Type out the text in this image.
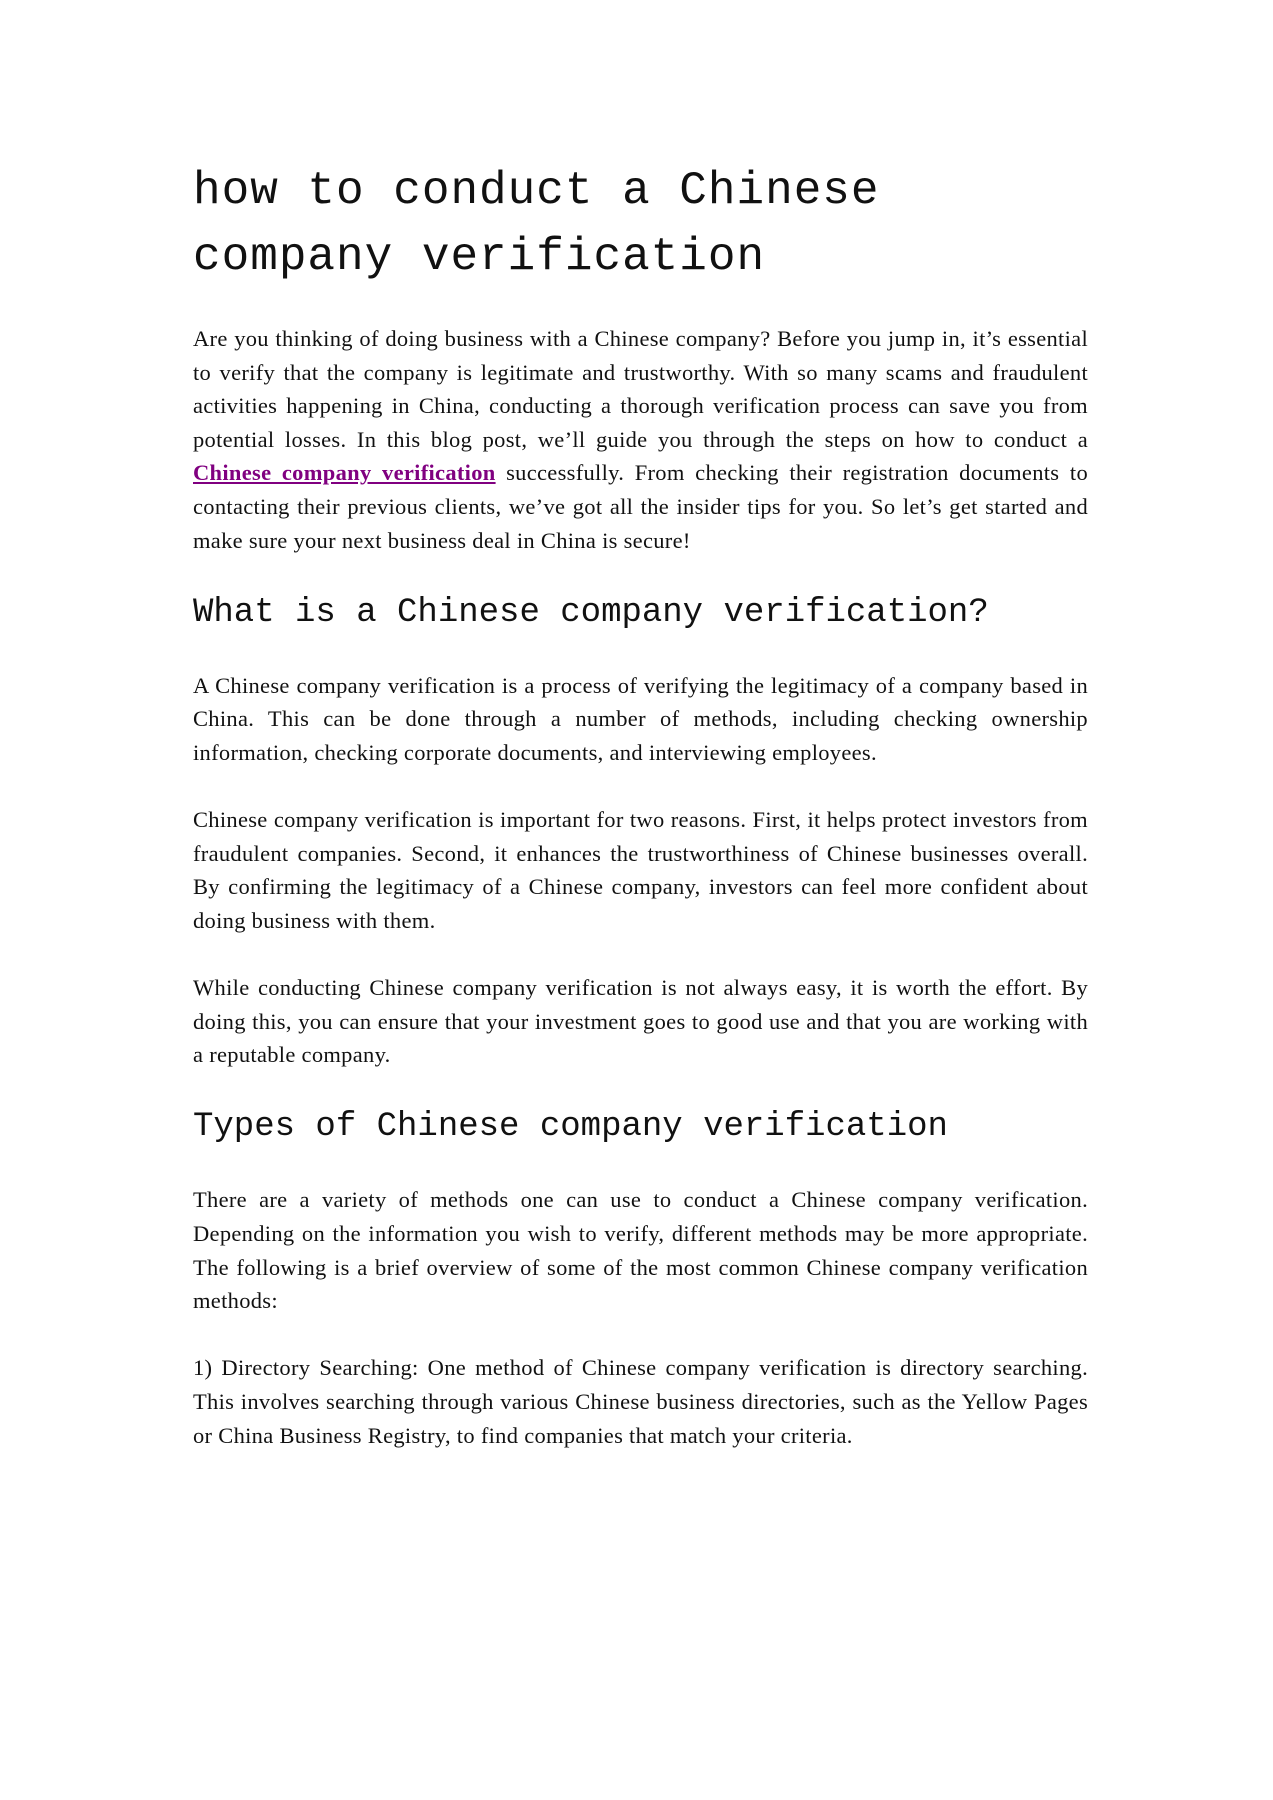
how to conduct a Chinese company verification

Are you thinking of doing business with a Chinese company? Before you jump in, it’s essential to verify that the company is legitimate and trustworthy. With so many scams and fraudulent activities happening in China, conducting a thorough verification process can save you from potential losses. In this blog post, we’ll guide you through the steps on how to conduct a Chinese company verification successfully. From checking their registration documents to contacting their previous clients, we’ve got all the insider tips for you. So let’s get started and make sure your next business deal in China is secure!

What is a Chinese company verification?

A Chinese company verification is a process of verifying the legitimacy of a company based in China. This can be done through a number of methods, including checking ownership information, checking corporate documents, and interviewing employees.

Chinese company verification is important for two reasons. First, it helps protect investors from fraudulent companies. Second, it enhances the trustworthiness of Chinese businesses overall. By confirming the legitimacy of a Chinese company, investors can feel more confident about doing business with them.

While conducting Chinese company verification is not always easy, it is worth the effort. By doing this, you can ensure that your investment goes to good use and that you are working with a reputable company.

Types of Chinese company verification

There are a variety of methods one can use to conduct a Chinese company verification. Depending on the information you wish to verify, different methods may be more appropriate. The following is a brief overview of some of the most common Chinese company verification methods:

1) Directory Searching: One method of Chinese company verification is directory searching. This involves searching through various Chinese business directories, such as the Yellow Pages or China Business Registry, to find companies that match your criteria.
